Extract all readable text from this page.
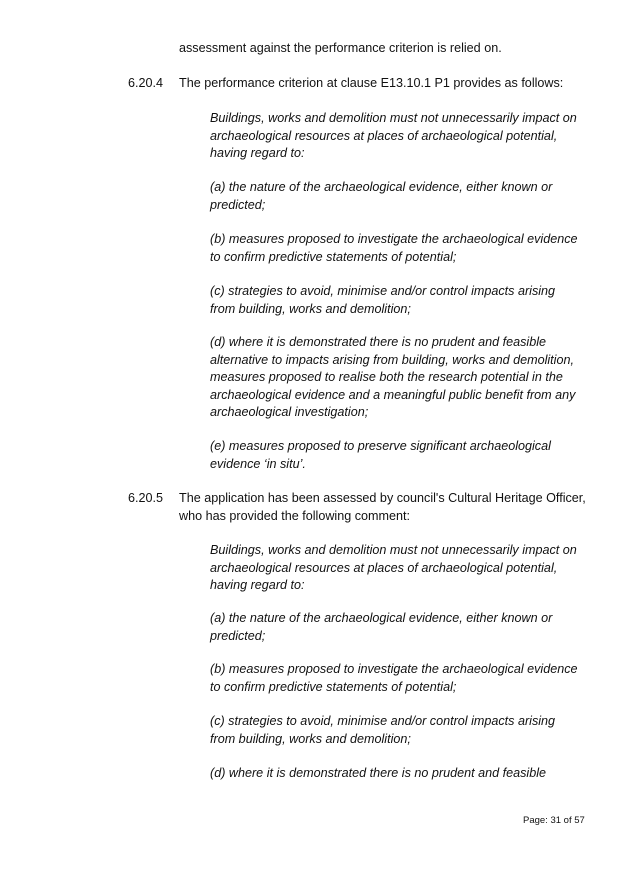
assessment against the performance criterion is relied on.

6.20.4 The performance criterion at clause E13.10.1 P1 provides as follows:

Buildings, works and demolition must not unnecessarily impact on
archaeological resources at places of archaeological potential,
having regard to:
(a) the nature of the archaeological evidence, either known or
predicted;
(b) measures proposed to investigate the archaeological evidence
to confirm predictive statements of potential;
(c) strategies to avoid, minimise and/or control impacts arising
from building, works and demolition;
(d) where it is demonstrated there is no prudent and feasible
alternative to impacts arising from building, works and demolition,
measures proposed to realise both the research potential in the
archaeological evidence and a meaningful public benefit from any
archaeological investigation;
(e) measures proposed to preserve significant archaeological
evidence ‘in situ’.
6.20.5 The application has been assessed by council's Cultural Heritage Officer,
who has provided the following comment:

Buildings, works and demolition must not unnecessarily impact on
archaeological resources at places of archaeological potential,
having regard to:
(a) the nature of the archaeological evidence, either known or
predicted;
(b) measures proposed to investigate the archaeological evidence
to confirm predictive statements of potential;
(c) strategies to avoid, minimise and/or control impacts arising
from building, works and demolition;
(d) where it is demonstrated there is no prudent and feasible
Page: 31 of 57
